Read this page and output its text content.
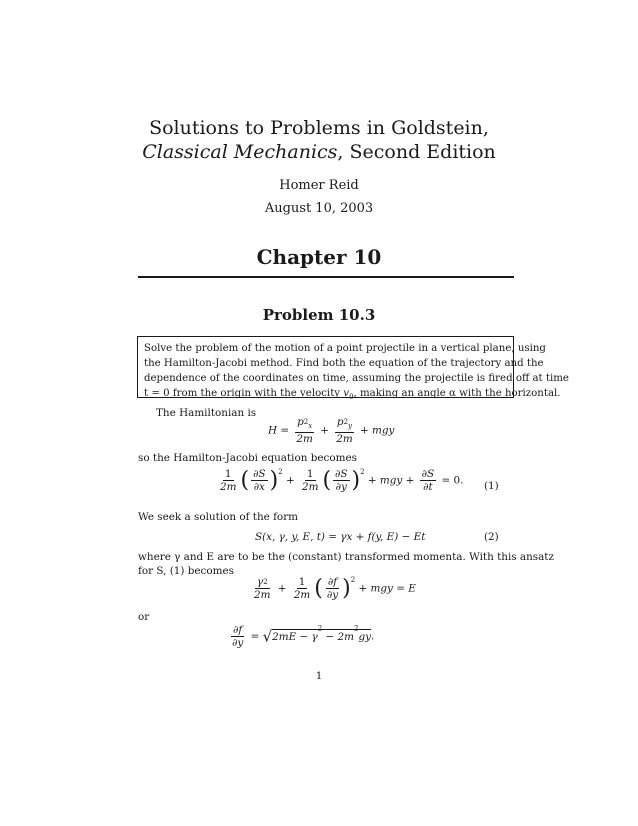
Solutions to Problems in Goldstein,
Classical Mechanics, Second Edition
Homer Reid
August 10, 2003
Chapter 10
Problem 10.3
Solve the problem of the motion of a point projectile in a vertical plane, using
the Hamilton-Jacobi method. Find both the equation of the trajectory and the
dependence of the coordinates on time, assuming the projectile is fired off at time
t = 0 from the origin with the velocity $v_0$, making an angle α with the horizontal.
The Hamiltonian is
$H = \frac{p^2_x}{2m} + \frac{p^2_y}{2m}$ + mgy
so the Hamilton-Jacobi equation becomes
$\frac{1}{2m}$ ( $\frac{\partial S}{\partial x} )^2 + \frac{1}{2m}$ ( $\frac{\partial S}{\partial y} )^2$ + mgy + $\frac{\partial S}{\partial t} = 0$. (1)
We seek a solution of the form
S(x, γ, y, E, t) = γx + f(y, E) − Et	(2)
where γ and E are to be the (constant) transformed momenta. With this ansatz
for S, (1) becomes
$\frac{\gamma^2}{2m} + \frac{1}{2m}$ ( $\frac{\partial f}{\partial y} )^2$ + mgy = E
or
$\frac{\partial f}{\partial y} = √2mE - \gamma^2 - 2m^2gy$.
1
